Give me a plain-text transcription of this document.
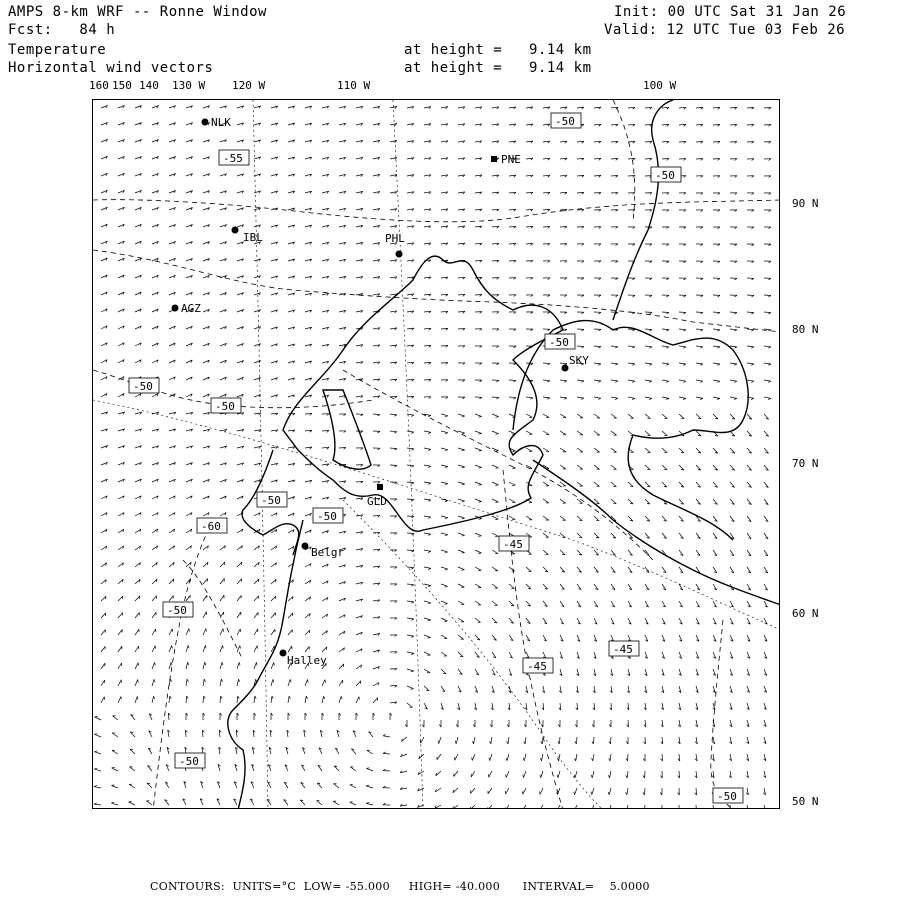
AMPS 8-km WRF -- Ronne Window
Fcst:   84 h
Temperature
Horizontal wind vectors
Init: 00 UTC Sat 31 Jan 26
Valid: 12 UTC Tue 03 Feb 26
at height =   9.14 km
at height =   9.14 km
160 150 140 130 W 120 W	110 W	100 W
90 N
80 N
70 N
60 N
50 N
NLK
PNE
IBL	PHL
AGZ
SKY
GLD
Belgr
Halley
-50
-55
-50
-50
-50
-50
-50
-60
-50
-45
-50
-45
-45
-50
-50
CONTOURS:  UNITS=°C  LOW= -55.000     HIGH= -40.000      INTERVAL=    5.0000
